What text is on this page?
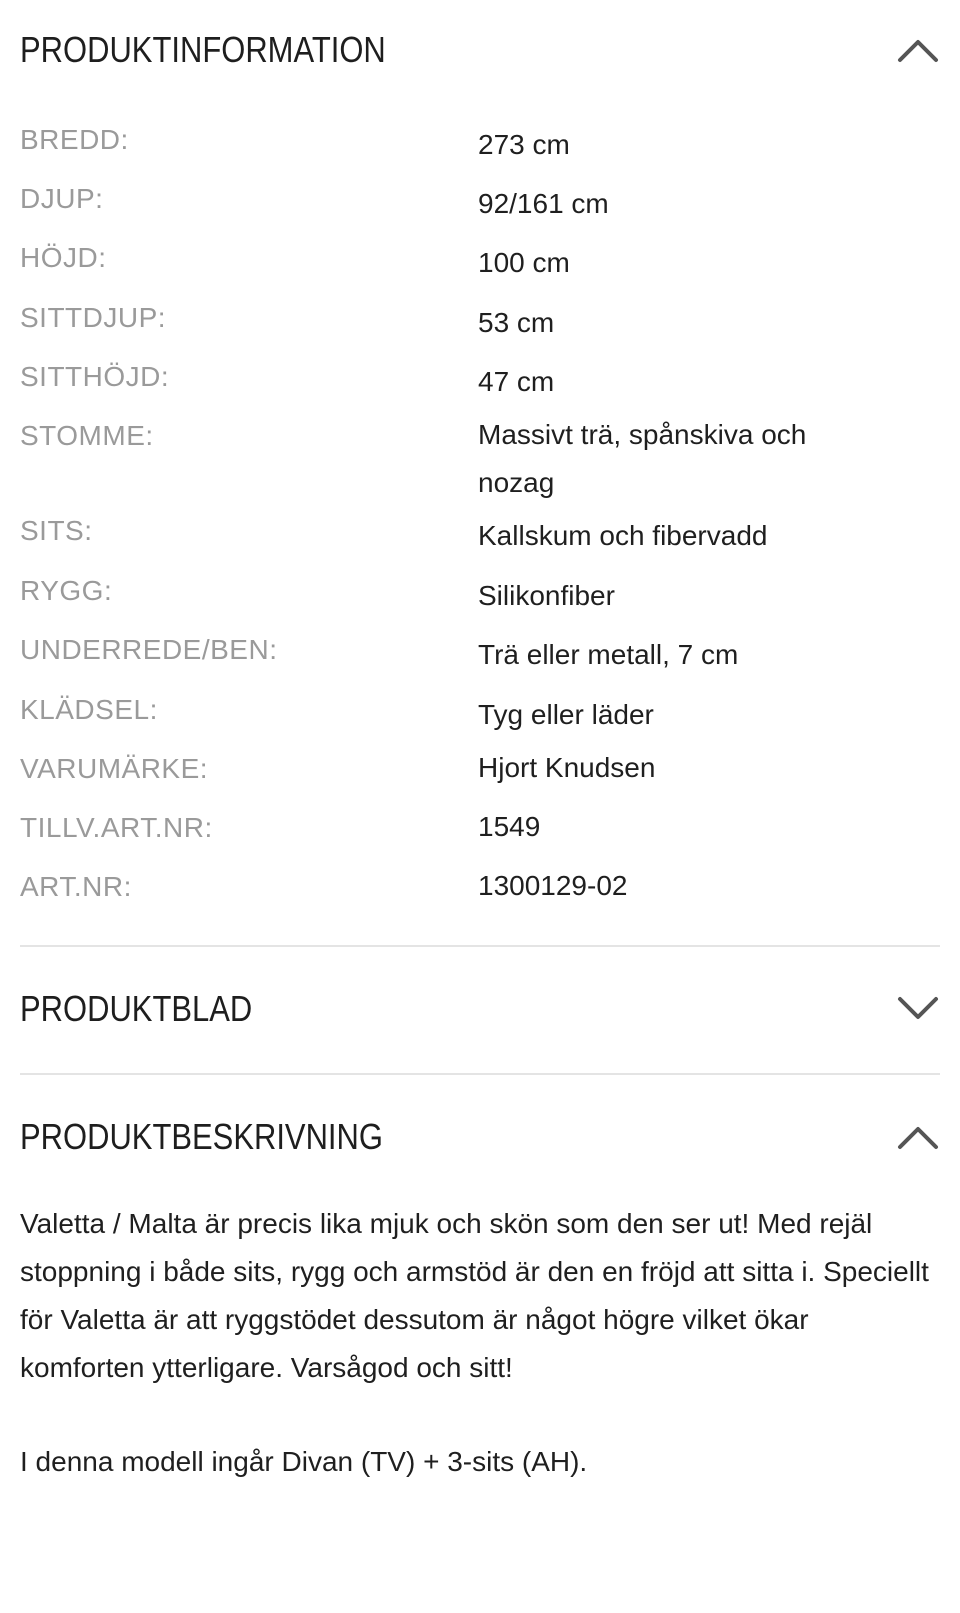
PRODUKTINFORMATION
BREDD:	273 cm
DJUP:	92/161 cm
HÖJD:	100 cm
SITTDJUP:	53 cm
SITTHÖJD:	47 cm
STOMME:	Massivt trä, spånskiva och nozag
SITS:	Kallskum och fibervadd
RYGG:	Silikonfiber
UNDERREDE/BEN:	Trä eller metall, 7 cm
KLÄDSEL:	Tyg eller läder
VARUMÄRKE:	Hjort Knudsen
TILLV.ART.NR:	1549
ART.NR:	1300129-02
PRODUKTBLAD
PRODUKTBESKRIVNING

Valetta / Malta är precis lika mjuk och skön som den ser ut! Med rejäl stoppning i både sits, rygg och armstöd är den en fröjd att sitta i. Speciellt för Valetta är att ryggstödet dessutom är något högre vilket ökar komforten ytterligare. Varsågod och sitt!

I denna modell ingår Divan (TV) + 3-sits (AH).
